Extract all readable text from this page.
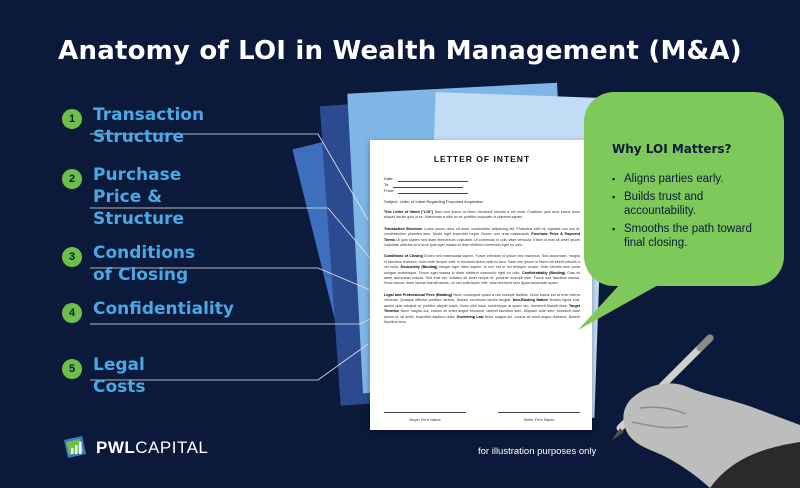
Anatomy of LOI in Wealth Management (M&A)
1	Transaction Structure
2	Purchase Price &
Structure
3	Conditions of Closing
4	Confidentiality
5	Legal Costs
LETTER OF INTENT
Date:
To:
From:
Subject: Letter of Intent Regarding Proposed Acquisition

This Letter of Intent ("LOI") Nam non ipsum ut libero hendrerit lobortis a vel nulla. Curabitur quis eros luctus dolor aliquet iaculis quis id ex. Maecenas a nibh ac ex porttitor vulputate ut placerat sapien.

Transaction Structure Lorem ipsum dolor sit amet, consectetur adipiscing elit. Phasellus velit mi, egestas non nisl id, condimentum pharetra sem. Morbi eget imperdiet turpis. Donec non urna malesuada. Purchase Price & Payment Terms Ut quis sapien sed diam elementum vulputate. Ut commodo in odio vitae vehicula. Etiam ut erat sit amet ipsum vulputate ultricies at id eros quis eget massa id diam eleifend commodo eget eu odio.

Conditions of Closing Donec sed malesuada sapien. Fusce interdum id ipsum nec maximus. Sed accumsan, magna id faucibus tincidunt, nunc ante tempor velit, in tincidunt libero velit eu arcu. Nam non ipsum ut libero hendrerit lobortis a vel nulla. Exclusivity (Binding) Integer eget diam sapien. In non est in dui tristique ornare. Duis lobortis sem porta congue scelerisque. Fusce eget massa id diam eleifend commodo eget eu odio. Confidentiality (Binding) Cras sit amet accumsan massa. Sed erat est, sodales sit amet neque et, pulvinar suscipit odio. Fusce sed faucibus massa. Nunc lacinia, diam lacinia blandit iaculis, mi orci sollicitudin velit, vitae tincidunt sem ligula accumsan quam.

Legal and Professional Fees (Binding) Nunc consequat quam a nisl suscipit facilisis. Nunc luctus est at erat viverra vehicula. Quisque efficitur porttitor ultrices. Nullam commodo iaculis feugiat. Non-Binding Nature Nullam ligula erat, auctor quis volutpat ut, porttitor aliquet turpis. Nunc nibh risus, scelerisque at quam nec, hendrerit blandit risus. Target Timeline Nunc magna dui, cursus sit amet augue tincidunt, laoreet faucibus sem. Aliquam ante sem, tincidunt vitae ipsum id, sit amet, imperdiet dapibus nulla. Governing Law Nunc magna dui, cursus sit amet augue tincidunt, laoreet faucibus sem.

Buyer Firm Name	Seller Firm Name
Why LOI Matters?
▪ Aligns parties early.
▪ Builds trust and accountability.
▪ Smooths the path toward final closing.
PWLCAPITAL	for illustration purposes only
